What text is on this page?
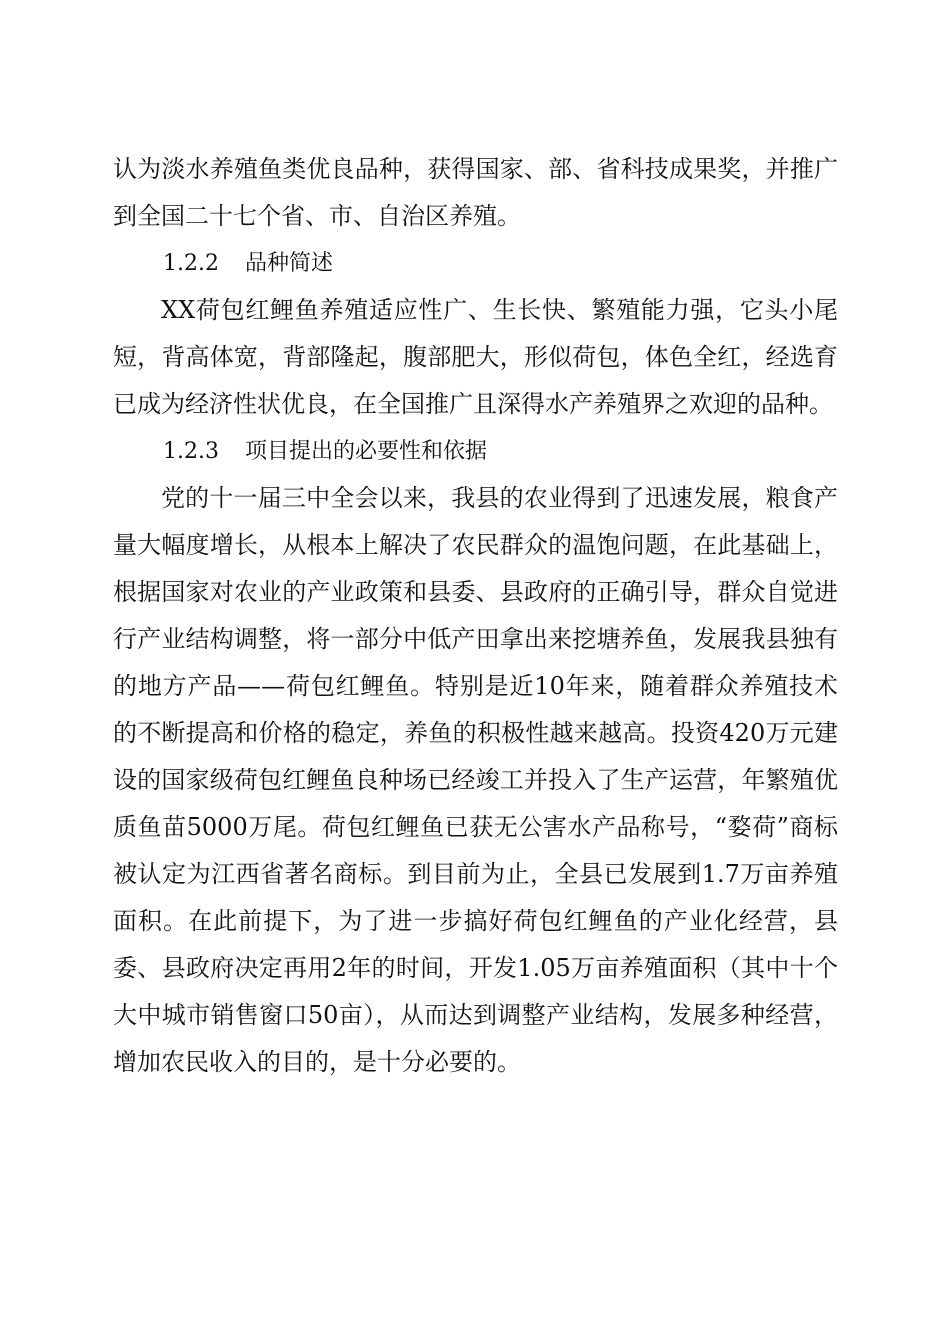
认为淡水养殖鱼类优良品种，获得国家、部、省科技成果奖，并推广到全国二十七个省、市、自治区养殖。

1.2.2 品种简述

XX荷包红鲤鱼养殖适应性广、生长快、繁殖能力强，它头小尾短，背高体宽，背部隆起，腹部肥大，形似荷包，体色全红，经选育已成为经济性状优良，在全国推广且深得水产养殖界之欢迎的品种。

1.2.3 项目提出的必要性和依据

党的十一届三中全会以来，我县的农业得到了迅速发展，粮食产量大幅度增长，从根本上解决了农民群众的温饱问题，在此基础上，根据国家对农业的产业政策和县委、县政府的正确引导，群众自觉进行产业结构调整，将一部分中低产田拿出来挖塘养鱼，发展我县独有的地方产品——荷包红鲤鱼。特别是近10年来，随着群众养殖技术的不断提高和价格的稳定，养鱼的积极性越来越高。投资420万元建设的国家级荷包红鲤鱼良种场已经竣工并投入了生产运营，年繁殖优质鱼苗5000万尾。荷包红鲤鱼已获无公害水产品称号，“婺荷”商标被认定为江西省著名商标。到目前为止，全县已发展到1.7万亩养殖面积。在此前提下，为了进一步搞好荷包红鲤鱼的产业化经营，县委、县政府决定再用2年的时间，开发1.05万亩养殖面积（其中十个大中城市销售窗口50亩），从而达到调整产业结构，发展多种经营，增加农民收入的目的，是十分必要的。
